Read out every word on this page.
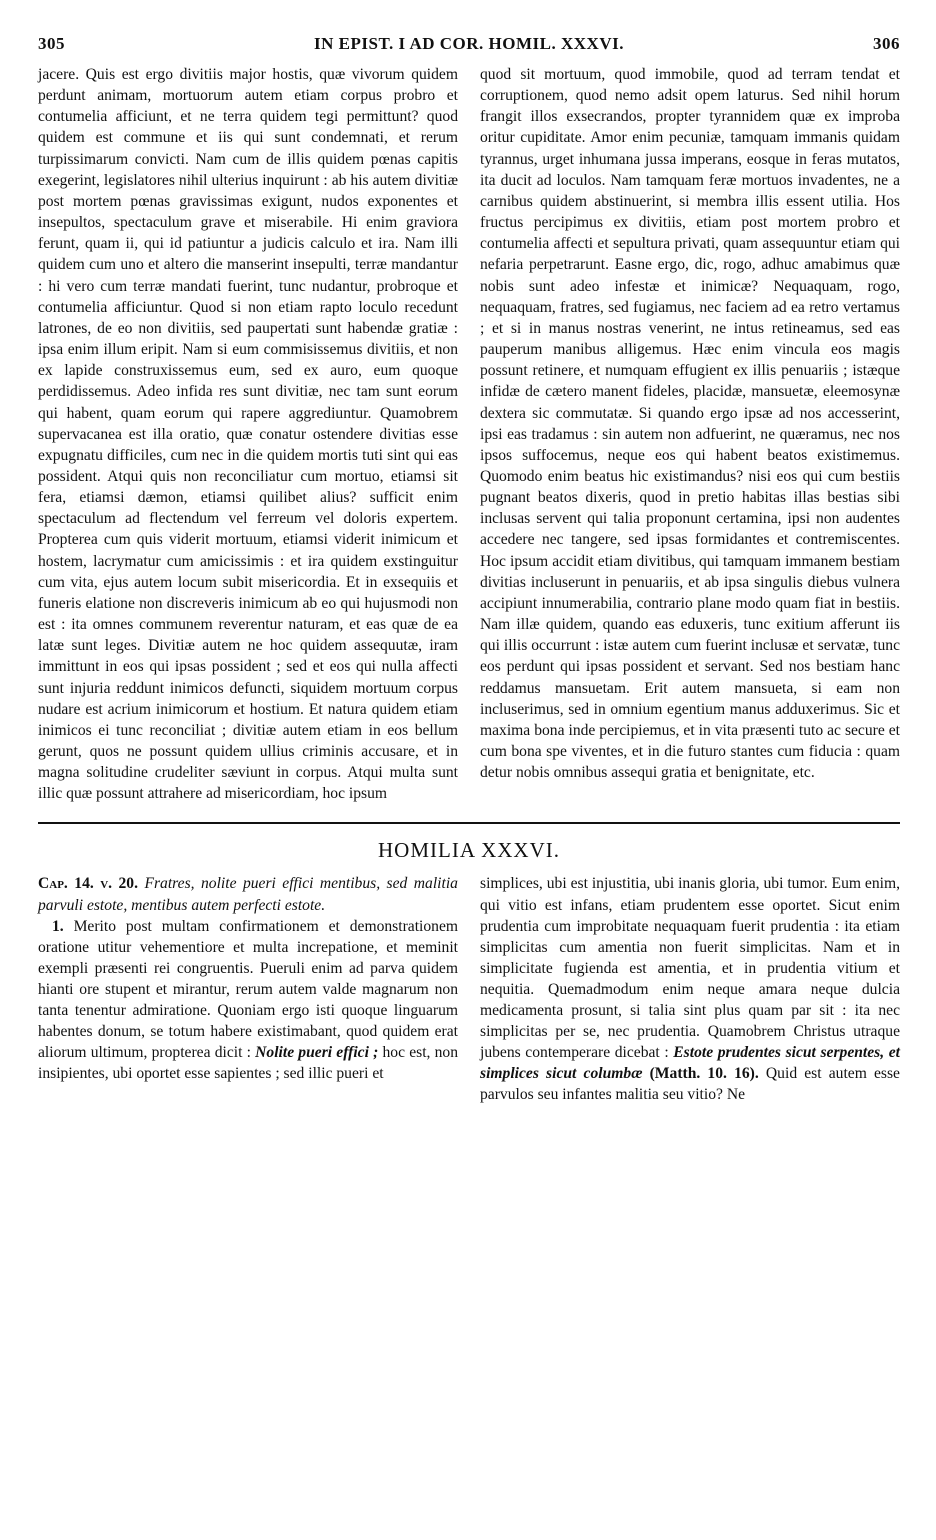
305	IN EPIST. I AD COR. HOMIL. XXXVI.	306

jacere. Quis est ergo divitiis major hostis, quæ vivorum quidem perdunt animam, mortuorum autem etiam corpus probro et contumelia afficiunt, et ne terra quidem tegi permittunt? quod quidem est commune et iis qui sunt condemnati, et rerum turpissimarum convicti. Nam cum de illis quidem pœnas capitis exegerint, legislatores nihil ulterius inquirunt : ab his autem divitiæ post mortem pœnas gravissimas exigunt, nudos exponentes et insepultos, spectaculum grave et miserabile. Hi enim graviora ferunt, quam ii, qui id patiuntur a judicis calculo et ira. Nam illi quidem cum uno et altero die manserint insepulti, terræ mandantur : hi vero cum terræ mandati fuerint, tunc nudantur, probroque et contumelia afficiuntur. Quod si non etiam rapto loculo recedunt latrones, de eo non divitiis, sed paupertati sunt habendæ gratiæ : ipsa enim illum eripit. Nam si eum commisissemus divitiis, et non ex lapide construxissemus eum, sed ex auro, eum quoque perdidissemus. Adeo infida res sunt divitiæ, nec tam sunt eorum qui habent, quam eorum qui rapere aggrediuntur. Quamobrem supervacanea est illa oratio, quæ conatur ostendere divitias esse expugnatu difficiles, cum nec in die quidem mortis tuti sint qui eas possident. Atqui quis non reconciliatur cum mortuo, etiamsi sit fera, etiamsi dæmon, etiamsi quilibet alius? sufficit enim spectaculum ad flectendum vel ferreum vel doloris expertem. Propterea cum quis viderit mortuum, etiamsi viderit inimicum et hostem, lacrymatur cum amicissimis : et ira quidem exstinguitur cum vita, ejus autem locum subit misericordia. Et in exsequiis et funeris elatione non discreveris inimicum ab eo qui hujusmodi non est : ita omnes communem reverentur naturam, et eas quæ de ea latæ sunt leges. Divitiæ autem ne hoc quidem assequutæ, iram immittunt in eos qui ipsas possident ; sed et eos qui nulla affecti sunt injuria reddunt inimicos defuncti, siquidem mortuum corpus nudare est acrium inimicorum et hostium. Et natura quidem etiam inimicos ei tunc reconciliat ; divitiæ autem etiam in eos bellum gerunt, quos ne possunt quidem ullius criminis accusare, et in magna solitudine crudeliter sæviunt in corpus. Atqui multa sunt illic quæ possunt attrahere ad misericordiam, hoc ipsum

quod sit mortuum, quod immobile, quod ad terram tendat et corruptionem, quod nemo adsit opem laturus. Sed nihil horum frangit illos exsecrandos, propter tyrannidem quæ ex improba oritur cupiditate. Amor enim pecuniæ, tamquam immanis quidam tyrannus, urget inhumana jussa imperans, eosque in feras mutatos, ita ducit ad loculos. Nam tamquam feræ mortuos invadentes, ne a carnibus quidem abstinuerint, si membra illis essent utilia. Hos fructus percipimus ex divitiis, etiam post mortem probro et contumelia affecti et sepultura privati, quam assequuntur etiam qui nefaria perpetrarunt. Easne ergo, dic, rogo, adhuc amabimus quæ nobis sunt adeo infestæ et inimicæ? Nequaquam, rogo, nequaquam, fratres, sed fugiamus, nec faciem ad ea retro vertamus ; et si in manus nostras venerint, ne intus retineamus, sed eas pauperum manibus alligemus. Hæc enim vincula eos magis possunt retinere, et numquam effugient ex illis penuariis ; istæque infidæ de cætero manent fideles, placidæ, mansuetæ, eleemosynæ dextera sic commutatæ. Si quando ergo ipsæ ad nos accesserint, ipsi eas tradamus : sin autem non adfuerint, ne quæramus, nec nos ipsos suffocemus, neque eos qui habent beatos existimemus. Quomodo enim beatus hic existimandus? nisi eos qui cum bestiis pugnant beatos dixeris, quod in pretio habitas illas bestias sibi inclusas servent qui talia proponunt certamina, ipsi non audentes accedere nec tangere, sed ipsas formidantes et contremiscentes. Hoc ipsum accidit etiam divitibus, qui tamquam immanem bestiam divitias incluserunt in penuariis, et ab ipsa singulis diebus vulnera accipiunt innumerabilia, contrario plane modo quam fiat in bestiis. Nam illæ quidem, quando eas eduxeris, tunc exitium afferunt iis qui illis occurrunt : istæ autem cum fuerint inclusæ et servatæ, tunc eos perdunt qui ipsas possident et servant. Sed nos bestiam hanc reddamus mansuetam. Erit autem mansueta, si eam non incluserimus, sed in omnium egentium manus adduxerimus. Sic et maxima bona inde percipiemus, et in vita præsenti tuto ac secure et cum bona spe viventes, et in die futuro stantes cum fiducia : quam detur nobis omnibus assequi gratia et benignitate, etc.

HOMILIA XXXVI.

Cap. 14. v. 20. Fratres, nolite pueri effici mentibus, sed malitia parvuli estote, mentibus autem perfecti estote.

1. Merito post multam confirmationem et demonstrationem oratione utitur vehementiore et multa increpatione, et meminit exempli præsenti rei congruentis. Pueruli enim ad parva quidem hianti ore stupent et mirantur, rerum autem valde magnarum non tanta tenentur admiratione. Quoniam ergo isti quoque linguarum habentes donum, se totum habere existimabant, quod quidem erat aliorum ultimum, propterea dicit : Nolite pueri effici ; hoc est, non insipientes, ubi oportet esse sapientes ; sed illic pueri et

simplices, ubi est injustitia, ubi inanis gloria, ubi tumor. Eum enim, qui vitio est infans, etiam prudentem esse oportet. Sicut enim prudentia cum improbitate nequaquam fuerit prudentia : ita etiam simplicitas cum amentia non fuerit simplicitas. Nam et in simplicitate fugienda est amentia, et in prudentia vitium et nequitia. Quemadmodum enim neque amara neque dulcia medicamenta prosunt, si talia sint plus quam par sit : ita nec simplicitas per se, nec prudentia. Quamobrem Christus utraque jubens contemperare dicebat : Estote prudentes sicut serpentes, et simplices sicut columbæ (Matth. 10. 16). Quid est autem esse parvulos seu infantes malitia seu vitio? Ne
